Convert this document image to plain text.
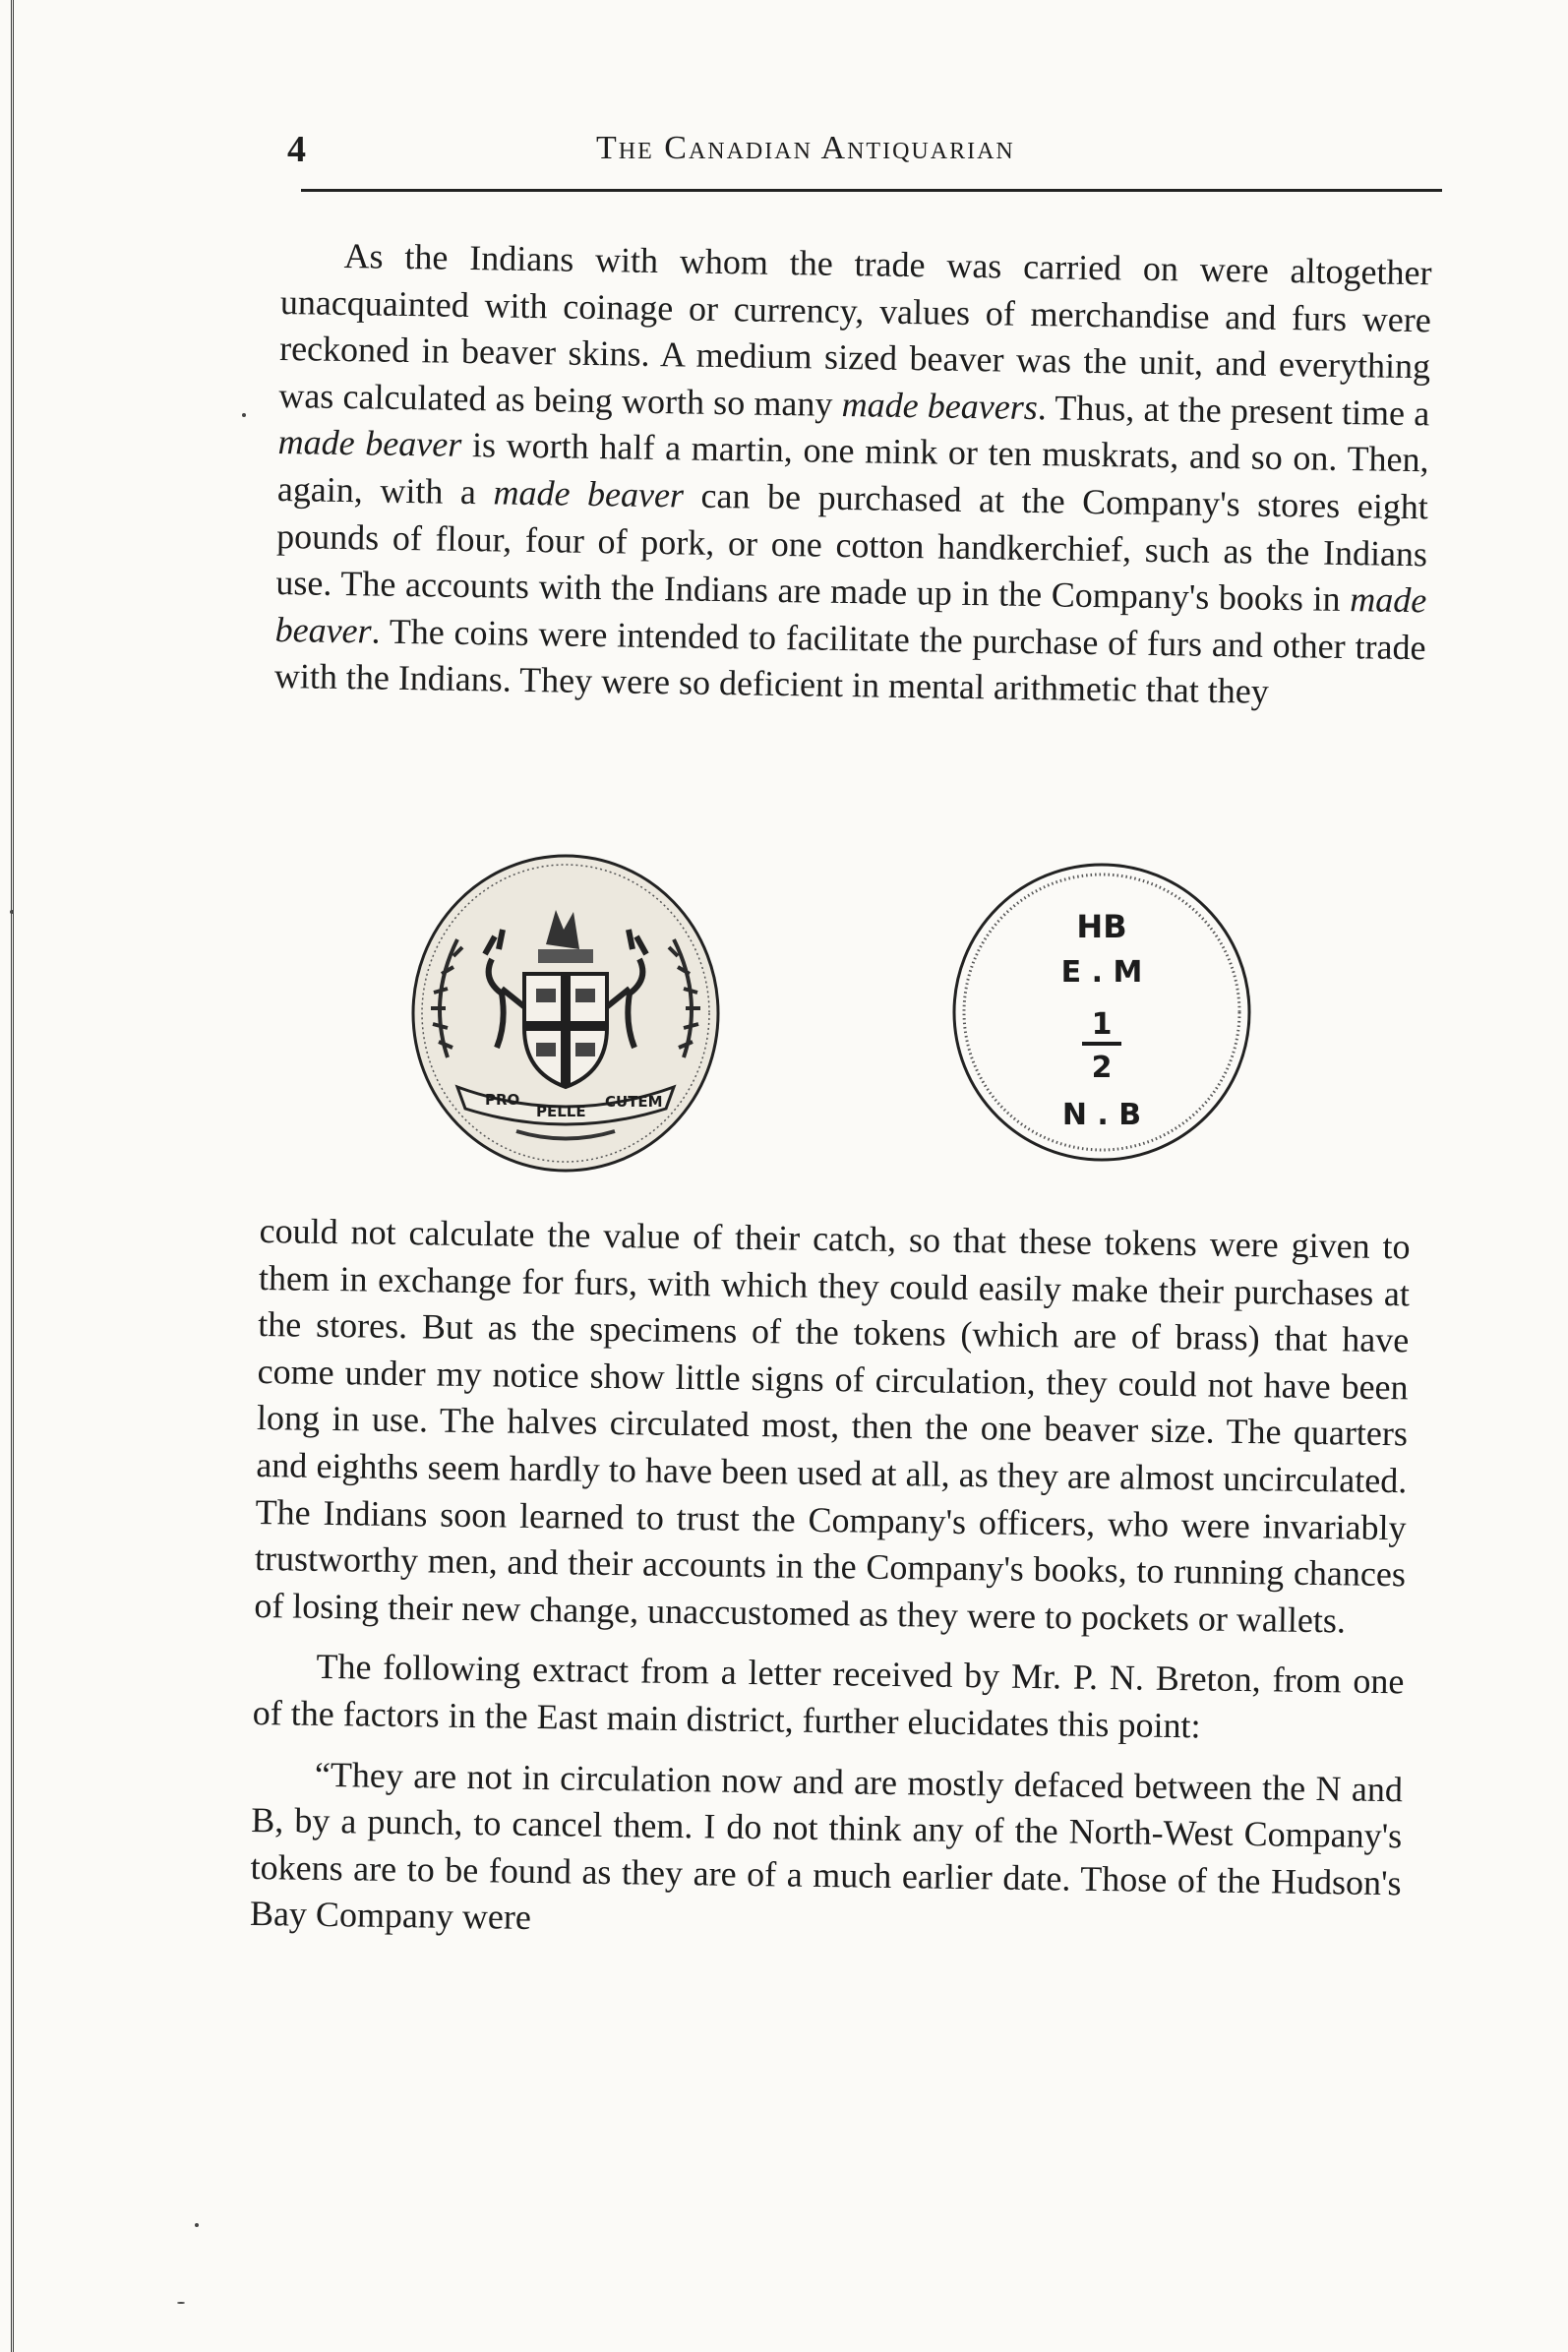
4	The Canadian Antiquarian

As the Indians with whom the trade was carried on were altogether unacquainted with coinage or currency, values of merchandise and furs were reckoned in beaver skins. A medium sized beaver was the unit, and everything was calculated as being worth so many made beavers. Thus, at the present time a made beaver is worth half a martin, one mink or ten muskrats, and so on. Then, again, with a made beaver can be purchased at the Company's stores eight pounds of flour, four of pork, or one cotton handkerchief, such as the Indians use. The accounts with the Indians are made up in the Company's books in made beaver. The coins were intended to facilitate the purchase of furs and other trade with the Indians. They were so deficient in mental arithmetic that they

PRO
PELLE
CUTEM
HB
E . M
1
2
N . B

could not calculate the value of their catch, so that these tokens were given to them in exchange for furs, with which they could easily make their purchases at the stores. But as the specimens of the tokens (which are of brass) that have come under my notice show little signs of circulation, they could not have been long in use. The halves circulated most, then the one beaver size. The quarters and eighths seem hardly to have been used at all, as they are almost uncirculated. The Indians soon learned to trust the Company's officers, who were invariably trustworthy men, and their accounts in the Company's books, to running chances of losing their new change, unaccustomed as they were to pockets or wallets.

The following extract from a letter received by Mr. P. N. Breton, from one of the factors in the East main district, further elucidates this point:

“They are not in circulation now and are mostly defaced between the N and B, by a punch, to cancel them. I do not think any of the North-West Company's tokens are to be found as they are of a much earlier date. Those of the Hudson's Bay Company were
